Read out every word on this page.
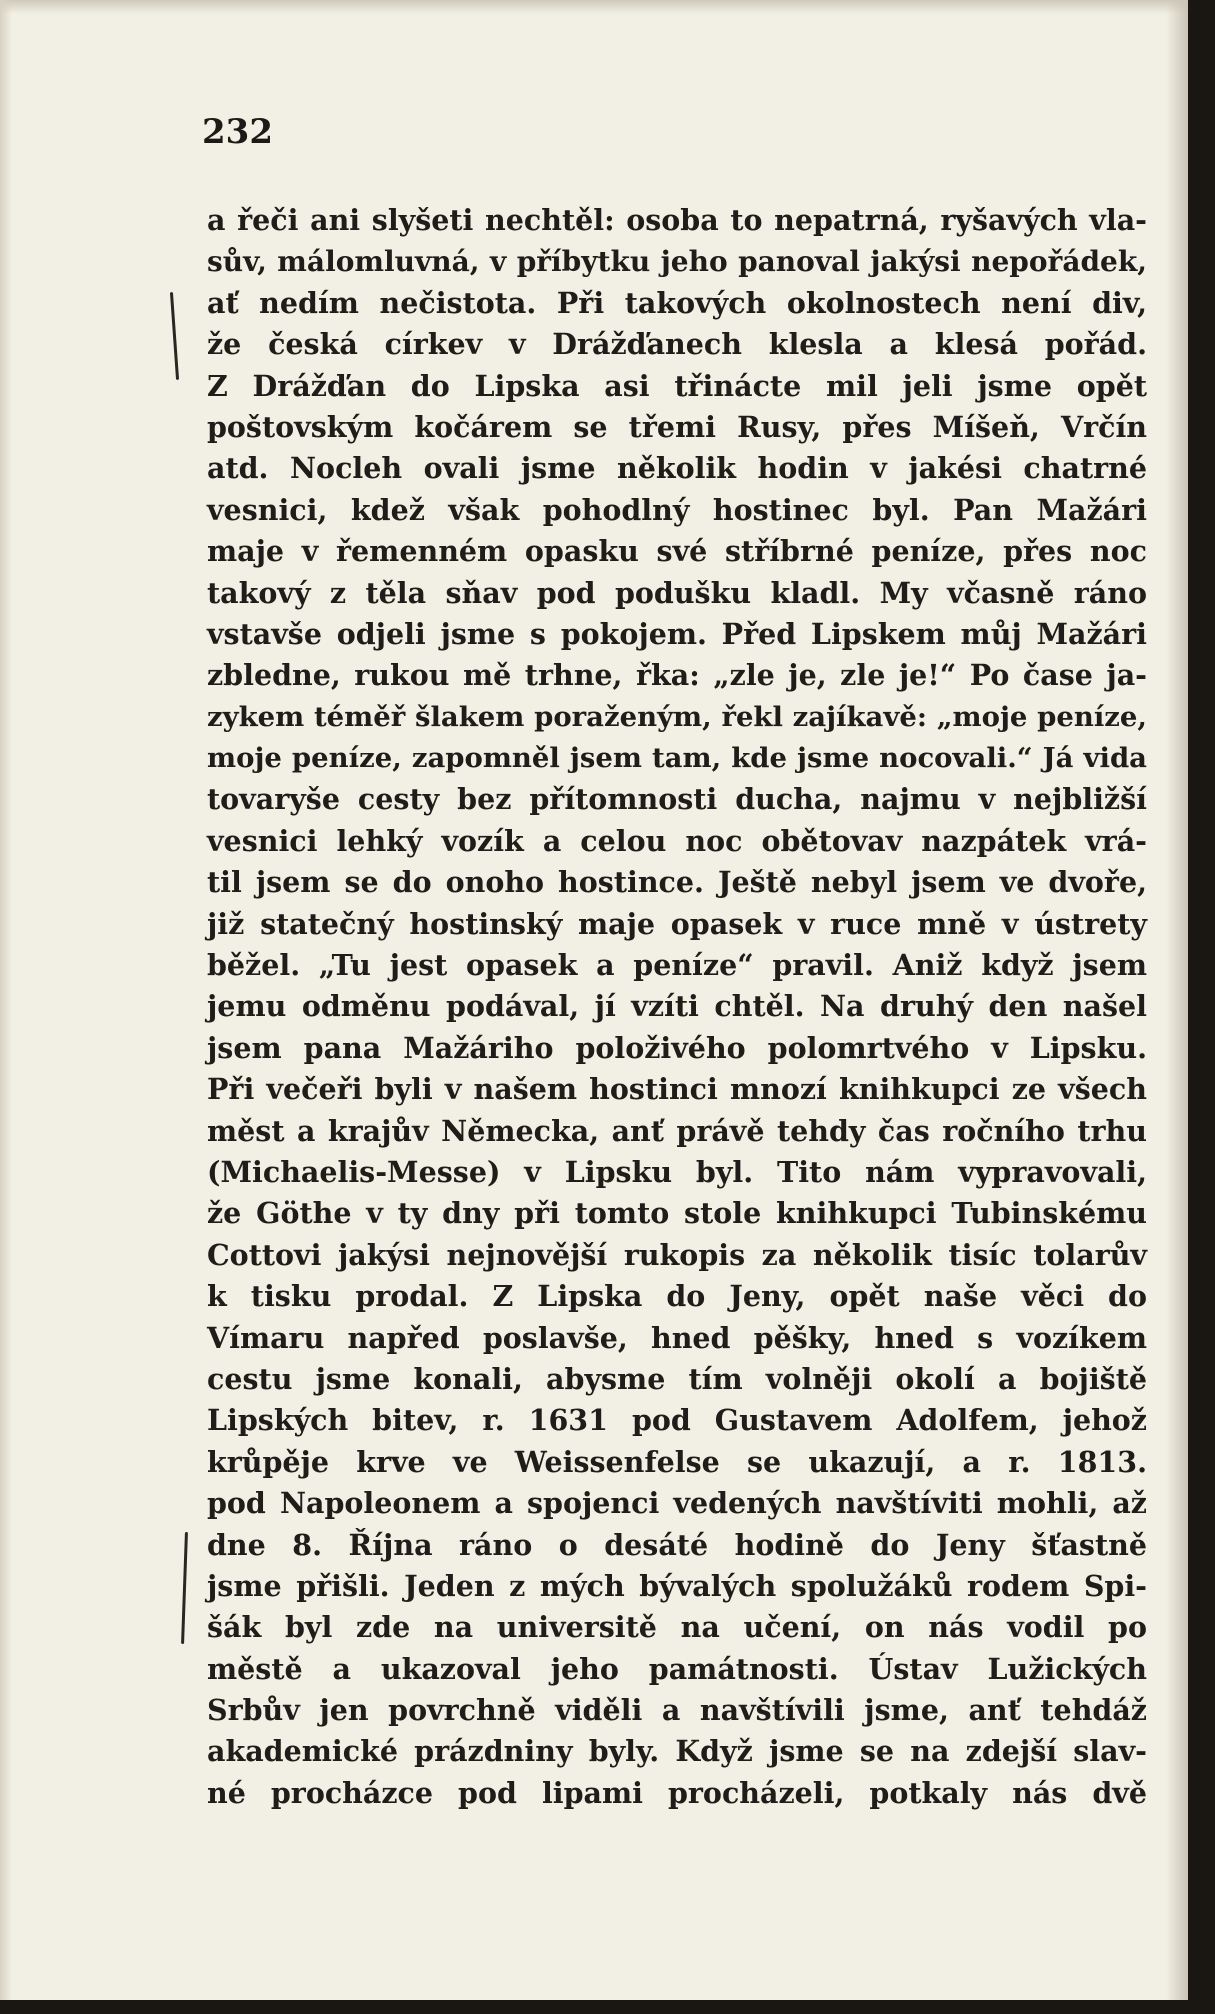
232

a řeči ani slyšeti nechtěl: osoba to nepatrná, ryšavých vla-
sův, málomluvná, v příbytku jeho panoval jakýsi nepořádek,
ať nedím nečistota. Při takových okolnostech není div,
že česká církev v Drážďanech klesla a klesá pořád.
Z Drážďan do Lipska asi třinácte mil jeli jsme opět
poštovským kočárem se třemi Rusy, přes Míšeň, Vrčín
atd. Nocleh ovali jsme několik hodin v jakési chatrné
vesnici, kdež však pohodlný hostinec byl. Pan Mažári
maje v řemenném opasku své stříbrné peníze, přes noc
takový z těla sňav pod podušku kladl. My včasně ráno
vstavše odjeli jsme s pokojem. Před Lipskem můj Mažári
zbledne, rukou mě trhne, řka: „zle je, zle je!“ Po čase ja-
zykem téměř šlakem poraženým, řekl zajíkavě: „moje peníze,
moje peníze, zapomněl jsem tam, kde jsme nocovali.“ Já vida
tovaryše cesty bez přítomnosti ducha, najmu v nejbližší
vesnici lehký vozík a celou noc obětovav nazpátek vrá-
til jsem se do onoho hostince. Ještě nebyl jsem ve dvoře,
již statečný hostinský maje opasek v ruce mně v ústrety
běžel. „Tu jest opasek a peníze“ pravil. Aniž když jsem
jemu odměnu podával, jí vzíti chtěl. Na druhý den našel
jsem pana Mažáriho položivého polomrtvého v Lipsku.
Při večeři byli v našem hostinci mnozí knihkupci ze všech
měst a krajův Německa, anť právě tehdy čas ročního trhu
(Michaelis-Messe) v Lipsku byl. Tito nám vypravovali,
že Göthe v ty dny při tomto stole knihkupci Tubinskému
Cottovi jakýsi nejnovější rukopis za několik tisíc tolarův
k tisku prodal. Z Lipska do Jeny, opět naše věci do
Vímaru napřed poslavše, hned pěšky, hned s vozíkem
cestu jsme konali, abysme tím volněji okolí a bojiště
Lipských bitev, r. 1631 pod Gustavem Adolfem, jehož
krůpěje krve ve Weissenfelse se ukazují, a r. 1813.
pod Napoleonem a spojenci vedených navštíviti mohli, až
dne 8. Října ráno o desáté hodině do Jeny šťastně
jsme přišli. Jeden z mých bývalých spolužáků rodem Spi-
šák byl zde na universitě na učení, on nás vodil po
městě a ukazoval jeho památnosti. Ústav Lužických
Srbův jen povrchně viděli a navštívili jsme, anť tehdáž
akademické prázdniny byly. Když jsme se na zdejší slav-
né procházce pod lipami procházeli, potkaly nás dvě
